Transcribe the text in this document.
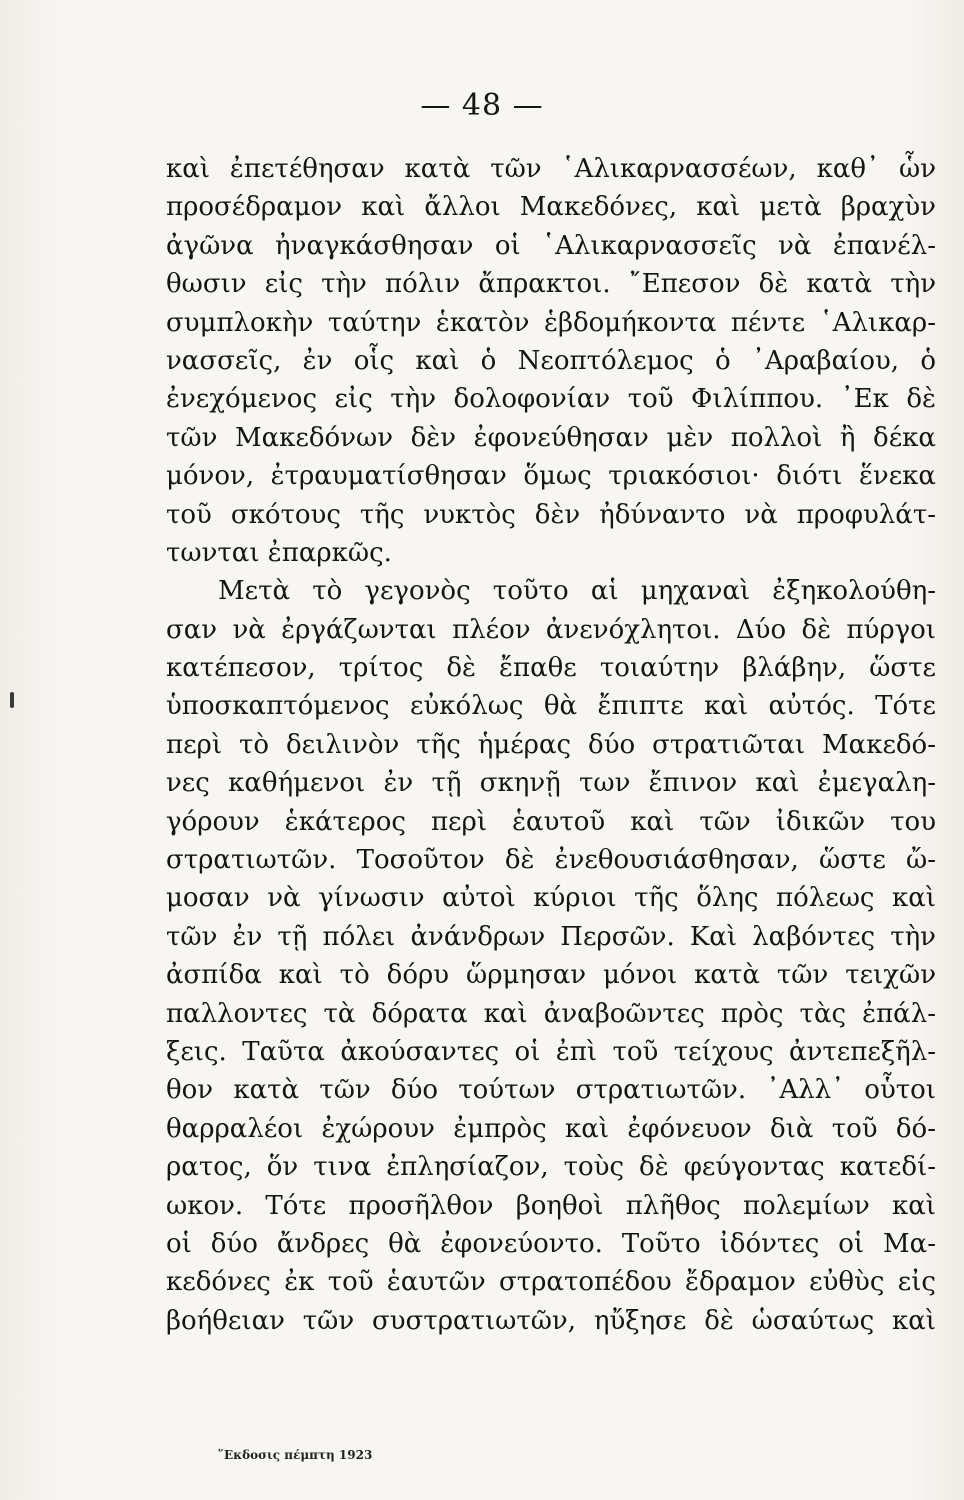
— 48 —
καὶ ἐπετέθησαν κατὰ τῶν ῾Αλικαρνασσέων, καθ᾿ ὧν
προσέδραμον καὶ ἄλλοι Μακεδόνες, καὶ μετὰ βραχὺν
ἀγῶνα ἠναγκάσθησαν οἱ ῾Αλικαρνασσεῖς νὰ ἐπανέλ-
θωσιν εἰς τὴν πόλιν ἄπρακτοι. ῎Επεσον δὲ κατὰ τὴν
συμπλοκὴν ταύτην ἑκατὸν ἑβδομήκοντα πέντε ῾Αλικαρ-
νασσεῖς, ἐν οἷς καὶ ὁ Νεοπτόλεμος ὁ ᾿Αραβαίου, ὁ
ἐνεχόμενος εἰς τὴν δολοφονίαν τοῦ Φιλίππου. ᾿Εκ δὲ
τῶν Μακεδόνων δὲν ἐφονεύθησαν μὲν πολλοὶ ἢ δέκα
μόνον, ἐτραυματίσθησαν ὅμως τριακόσιοι· διότι ἕνεκα
τοῦ σκότους τῆς νυκτὸς δὲν ἠδύναντο νὰ προφυλάτ-
τωνται ἐπαρκῶς.
Μετὰ τὸ γεγονὸς τοῦτο αἱ μηχαναὶ ἐξηκολούθη-
σαν νὰ ἐργάζωνται πλέον ἀνενόχλητοι. Δύο δὲ πύργοι
κατέπεσον, τρίτος δὲ ἔπαθε τοιαύτην βλάβην, ὥστε
ὑποσκαπτόμενος εὐκόλως θὰ ἔπιπτε καὶ αὐτός. Τότε
περὶ τὸ δειλινὸν τῆς ἡμέρας δύο στρατιῶται Μακεδό-
νες καθήμενοι ἐν τῇ σκηνῇ των ἔπινον καὶ ἐμεγαλη-
γόρουν ἑκάτερος περὶ ἑαυτοῦ καὶ τῶν ἰδικῶν του
στρατιωτῶν. Τοσοῦτον δὲ ἐνεθουσιάσθησαν, ὥστε ὤ-
μοσαν νὰ γίνωσιν αὐτοὶ κύριοι τῆς ὅλης πόλεως καὶ
τῶν ἐν τῇ πόλει ἀνάνδρων Περσῶν. Καὶ λαβόντες τὴν
ἀσπίδα καὶ τὸ δόρυ ὥρμησαν μόνοι κατὰ τῶν τειχῶν
παλλοντες τὰ δόρατα καὶ ἀναβοῶντες πρὸς τὰς ἐπάλ-
ξεις. Ταῦτα ἀκούσαντες οἱ ἐπὶ τοῦ τείχους ἀντεπεξῆλ-
θον κατὰ τῶν δύο τούτων στρατιωτῶν. ᾿Αλλ᾿ οὗτοι
θαρραλέοι ἐχώρουν ἐμπρὸς καὶ ἐφόνευον διὰ τοῦ δό-
ρατος, ὅν τινα ἐπλησίαζον, τοὺς δὲ φεύγοντας κατεδί-
ωκον. Τότε προσῆλθον βοηθοὶ πλῆθος πολεμίων καὶ
οἱ δύο ἄνδρες θὰ ἐφονεύοντο. Τοῦτο ἰδόντες οἱ Μα-
κεδόνες ἐκ τοῦ ἑαυτῶν στρατοπέδου ἔδραμον εὐθὺς εἰς
βοήθειαν τῶν συστρατιωτῶν, ηὔξησε δὲ ὡσαύτως καὶ
῞Εκδοσις πέμπτη 1923
